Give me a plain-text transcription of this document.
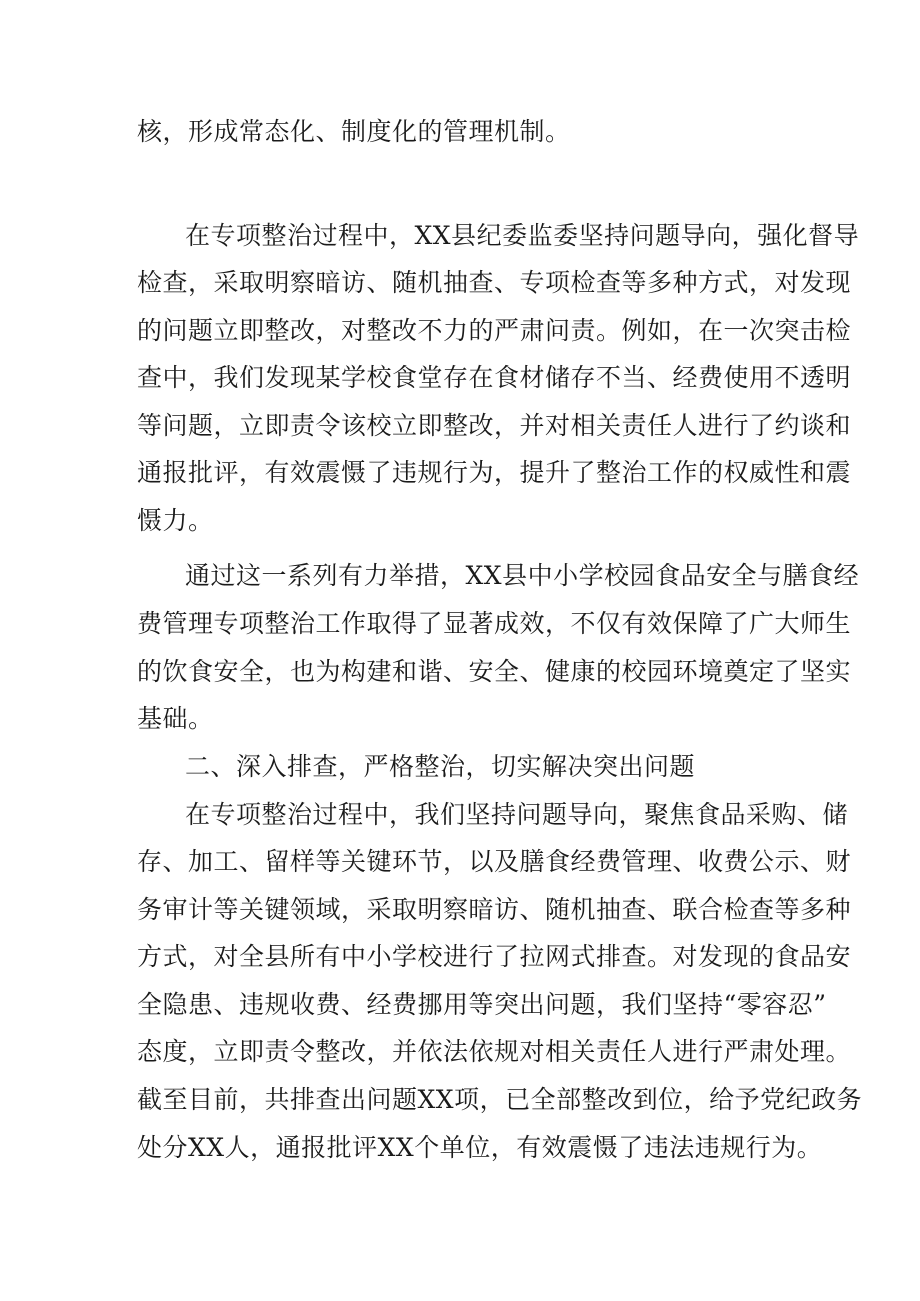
核，形成常态化、制度化的管理机制。
在专项整治过程中，XX县纪委监委坚持问题导向，强化督导
检查，采取明察暗访、随机抽查、专项检查等多种方式，对发现
的问题立即整改，对整改不力的严肃问责。例如，在一次突击检
查中，我们发现某学校食堂存在食材储存不当、经费使用不透明
等问题，立即责令该校立即整改，并对相关责任人进行了约谈和
通报批评，有效震慑了违规行为，提升了整治工作的权威性和震
慑力。
通过这一系列有力举措，XX县中小学校园食品安全与膳食经
费管理专项整治工作取得了显著成效，不仅有效保障了广大师生
的饮食安全，也为构建和谐、安全、健康的校园环境奠定了坚实
基础。
二、深入排查，严格整治，切实解决突出问题
在专项整治过程中，我们坚持问题导向，聚焦食品采购、储
存、加工、留样等关键环节，以及膳食经费管理、收费公示、财
务审计等关键领域，采取明察暗访、随机抽查、联合检查等多种
方式，对全县所有中小学校进行了拉网式排查。对发现的食品安
全隐患、违规收费、经费挪用等突出问题，我们坚持“零容忍”
态度，立即责令整改，并依法依规对相关责任人进行严肃处理。
截至目前，共排查出问题XX项，已全部整改到位，给予党纪政务
处分XX人，通报批评XX个单位，有效震慑了违法违规行为。
